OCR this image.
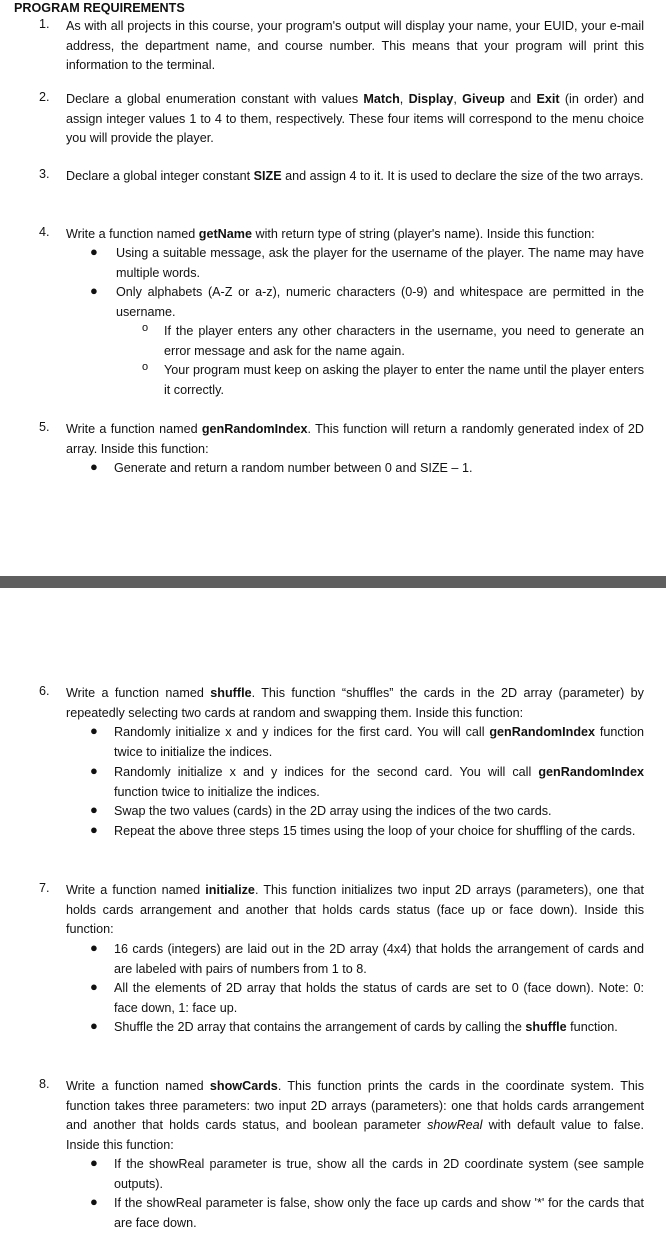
PROGRAM REQUIREMENTS
1.	As with all projects in this course, your program's output will display your name, your EUID, your e-mail address, the department name, and course number. This means that your program will print this information to the terminal.

2.	Declare a global enumeration constant with values Match, Display, Giveup and Exit (in order) and assign integer values 1 to 4 to them, respectively. These four items will correspond to the menu choice you will provide the player.

3.	Declare a global integer constant SIZE and assign 4 to it. It is used to declare the size of the two arrays.

4.	Write a function named getName with return type of string (player's name). Inside this function:

● Using a suitable message, ask the player for the username of the player. The name may have multiple words.

● Only alphabets (A-Z or a-z), numeric characters (0-9) and whitespace are permitted in the username.

o If the player enters any other characters in the username, you need to generate an error message and ask for the name again.

o Your program must keep on asking the player to enter the name until the player enters it correctly.

5.	Write a function named genRandomIndex. This function will return a randomly generated index of 2D array. Inside this function:

● Generate and return a random number between 0 and SIZE – 1.

6.	Write a function named shuffle. This function “shuffles” the cards in the 2D array (parameter) by repeatedly selecting two cards at random and swapping them. Inside this function:

● Randomly initialize x and y indices for the first card. You will call genRandomIndex function twice to initialize the indices.

● Randomly initialize x and y indices for the second card. You will call genRandomIndex function twice to initialize the indices.

● Swap the two values (cards) in the 2D array using the indices of the two cards.

● Repeat the above three steps 15 times using the loop of your choice for shuffling of the cards.

7.	Write a function named initialize. This function initializes two input 2D arrays (parameters), one that holds cards arrangement and another that holds cards status (face up or face down). Inside this function:

● 16 cards (integers) are laid out in the 2D array (4x4) that holds the arrangement of cards and are labeled with pairs of numbers from 1 to 8.

● All the elements of 2D array that holds the status of cards are set to 0 (face down). Note: 0: face down, 1: face up.

● Shuffle the 2D array that contains the arrangement of cards by calling the shuffle function.

8.	Write a function named showCards. This function prints the cards in the coordinate system. This function takes three parameters: two input 2D arrays (parameters): one that holds cards arrangement and another that holds cards status, and boolean parameter showReal with default value to false. Inside this function:

● If the showReal parameter is true, show all the cards in 2D coordinate system (see sample outputs).

● If the showReal parameter is false, show only the face up cards and show '*' for the cards that are face down.
